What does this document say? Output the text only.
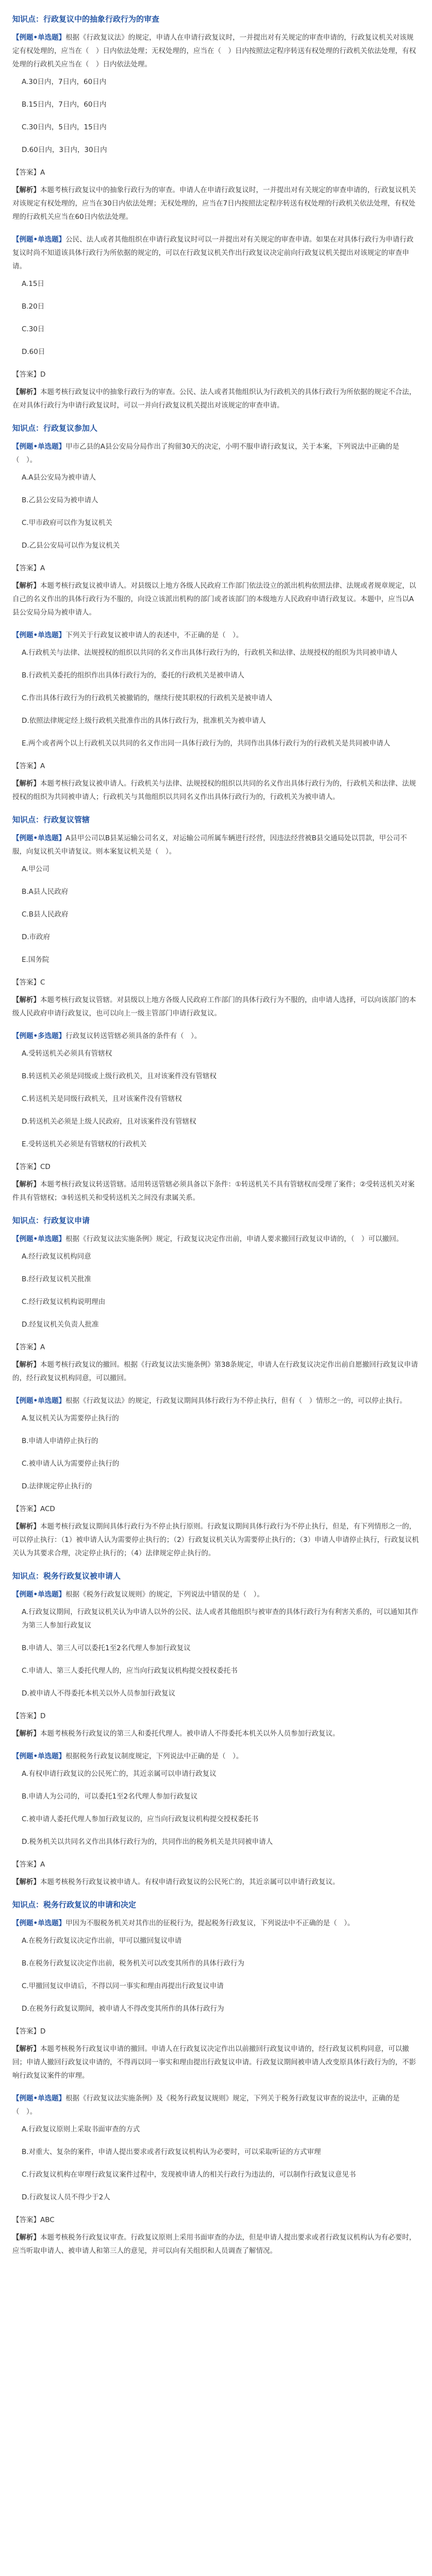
知识点：行政复议中的抽象行政行为的审查
【例题•单选题】根据《行政复议法》的规定，申请人在申请行政复议时，一并提出对有关规定的审查申请的，行政复议机关对该规定有权处理的，应当在（　）日内依法处理；无权处理的，应当在（　）日内按照法定程序转送有权处理的行政机关依法处理，有权处理的行政机关应当在（　）日内依法处理。
A.30日内，7日内，60日内
B.15日内，7日内，60日内
C.30日内，5日内，15日内
D.60日内，3日内，30日内
【答案】A
【解析】本题考核行政复议中的抽象行政行为的审查。申请人在申请行政复议时，一并提出对有关规定的审查申请的，行政复议机关对该规定有权处理的，应当在30日内依法处理；无权处理的，应当在7日内按照法定程序转送有权处理的行政机关依法处理，有权处理的行政机关应当在60日内依法处理。
【例题•单选题】公民、法人或者其他组织在申请行政复议时可以一并提出对有关规定的审查申请。如果在对具体行政行为申请行政复议时尚不知道该具体行政行为所依据的规定的，可以在行政复议机关作出行政复议决定前向行政复议机关提出对该规定的审查申请。
A.15日
B.20日
C.30日
D.60日
【答案】D
【解析】本题考核行政复议中的抽象行政行为的审查。公民、法人或者其他组织认为行政机关的具体行政行为所依据的规定不合法，在对具体行政行为申请行政复议时，可以一并向行政复议机关提出对该规定的审查申请。
知识点：行政复议参加人
【例题•单选题】甲市乙县的A县公安局分局作出了拘留30天的决定，小明不服申请行政复议，关于本案，下列说法中正确的是（　）。
A.A县公安局为被申请人
B.乙县公安局为被申请人
C.甲市政府可以作为复议机关
D.乙县公安局可以作为复议机关
【答案】A
【解析】本题考核行政复议被申请人。对县级以上地方各级人民政府工作部门依法设立的派出机构依照法律、法规或者规章规定，以自己的名义作出的具体行政行为不服的，向设立该派出机构的部门或者该部门的本级地方人民政府申请行政复议。本题中，应当以A县公安局分局为被申请人。
【例题•单选题】下列关于行政复议被申请人的表述中，不正确的是（　）。
A.行政机关与法律、法规授权的组织以共同的名义作出具体行政行为的，行政机关和法律、法规授权的组织为共同被申请人
B.行政机关委托的组织作出具体行政行为的，委托的行政机关是被申请人
C.作出具体行政行为的行政机关被撤销的，继续行使其职权的行政机关是被申请人
D.依照法律规定经上级行政机关批准作出的具体行政行为，批准机关为被申请人
E.两个或者两个以上行政机关以共同的名义作出同一具体行政行为的，共同作出具体行政行为的行政机关是共同被申请人
【答案】A
【解析】本题考核行政复议被申请人。行政机关与法律、法规授权的组织以共同的名义作出具体行政行为的，行政机关和法律、法规授权的组织为共同被申请人；行政机关与其他组织以共同名义作出具体行政行为的，行政机关为被申请人。
知识点：行政复议管辖
【例题•单选题】A县甲公司以B县某运输公司名义，对运输公司所属车辆进行经营，因违法经营被B县交通局处以罚款，甲公司不服，向复议机关申请复议。则本案复议机关是（　）。
A.甲公司
B.A县人民政府
C.B县人民政府
D.市政府
E.国务院
【答案】C
【解析】本题考核行政复议管辖。对县级以上地方各级人民政府工作部门的具体行政行为不服的，由申请人选择，可以向该部门的本级人民政府申请行政复议，也可以向上一级主管部门申请行政复议。
【例题•多选题】行政复议转送管辖必须具备的条件有（　）。
A.受转送机关必须具有管辖权
B.转送机关必须是同级或上级行政机关，且对该案件没有管辖权
C.转送机关是同级行政机关，且对该案件没有管辖权
D.转送机关必须是上级人民政府，且对该案件没有管辖权
E.受转送机关必须是有管辖权的行政机关
【答案】CD
【解析】本题考核行政复议转送管辖。适用转送管辖必须具备以下条件：①转送机关不具有管辖权而受理了案件；②受转送机关对案件具有管辖权；③转送机关和受转送机关之间没有隶属关系。
知识点：行政复议申请
【例题•单选题】根据《行政复议法实施条例》规定，行政复议决定作出前，申请人要求撤回行政复议申请的，（　）可以撤回。
A.经行政复议机构同意
B.经行政复议机关批准
C.经行政复议机构说明理由
D.经复议机关负责人批准
【答案】A
【解析】本题考核行政复议的撤回。根据《行政复议法实施条例》第38条规定，申请人在行政复议决定作出前自愿撤回行政复议申请的，经行政复议机构同意，可以撤回。
【例题•单选题】根据《行政复议法》的规定，行政复议期间具体行政行为不停止执行，但有（　）情形之一的，可以停止执行。
A.复议机关认为需要停止执行的
B.申请人申请停止执行的
C.被申请人认为需要停止执行的
D.法律规定停止执行的
【答案】ACD
【解析】本题考核行政复议期间具体行政行为不停止执行原则。行政复议期间具体行政行为不停止执行，但是，有下列情形之一的，可以停止执行：（1）被申请人认为需要停止执行的；（2）行政复议机关认为需要停止执行的；（3）申请人申请停止执行，行政复议机关认为其要求合理，决定停止执行的；（4）法律规定停止执行的。
知识点：税务行政复议被申请人
【例题•单选题】根据《税务行政复议规则》的规定，下列说法中错误的是（　）。
A.行政复议期间，行政复议机关认为申请人以外的公民、法人或者其他组织与被审查的具体行政行为有利害关系的，可以通知其作为第三人参加行政复议
B.申请人、第三人可以委托1至2名代理人参加行政复议
C.申请人、第三人委托代理人的，应当向行政复议机构提交授权委托书
D.被申请人不得委托本机关以外人员参加行政复议
【答案】D
【解析】本题考核税务行政复议的第三人和委托代理人。被申请人不得委托本机关以外人员参加行政复议。
【例题•单选题】根据税务行政复议制度规定，下列说法中正确的是（　）。
A.有权申请行政复议的公民死亡的，其近亲属可以申请行政复议
B.申请人为公司的，可以委托1至2名代理人参加行政复议
C.被申请人委托代理人参加行政复议的，应当向行政复议机构提交授权委托书
D.税务机关以共同名义作出具体行政行为的，共同作出的税务机关是共同被申请人
【答案】A
【解析】本题考核税务行政复议被申请人。有权申请行政复议的公民死亡的，其近亲属可以申请行政复议。
知识点：税务行政复议的申请和决定
【例题•单选题】甲因为不服税务机关对其作出的征税行为，提起税务行政复议，下列说法中不正确的是（　）。
A.在税务行政复议决定作出前，甲可以撤回复议申请
B.在税务行政复议决定作出前，税务机关可以改变其所作的具体行政行为
C.甲撤回复议申请后，不得以同一事实和理由再提出行政复议申请
D.在税务行政复议期间，被申请人不得改变其所作的具体行政行为
【答案】D
【解析】本题考核税务行政复议申请的撤回。申请人在行政复议决定作出以前撤回行政复议申请的，经行政复议机构同意，可以撤回；申请人撤回行政复议申请的，不得再以同一事实和理由提出行政复议申请。行政复议期间被申请人改变原具体行政行为的，不影响行政复议案件的审理。
【例题•单选题】根据《行政复议法实施条例》及《税务行政复议规则》规定，下列关于税务行政复议审查的说法中，正确的是（　）。
A.行政复议原则上采取书面审查的方式
B.对重大、复杂的案件，申请人提出要求或者行政复议机构认为必要时，可以采取听证的方式审理
C.行政复议机构在审理行政复议案件过程中，发现被申请人的相关行政行为违法的，可以制作行政复议意见书
D.行政复议人员不得少于2人
【答案】ABC
【解析】本题考核税务行政复议审查。行政复议原则上采用书面审查的办法，但是申请人提出要求或者行政复议机构认为有必要时，应当听取申请人、被申请人和第三人的意见，并可以向有关组织和人员调查了解情况。
